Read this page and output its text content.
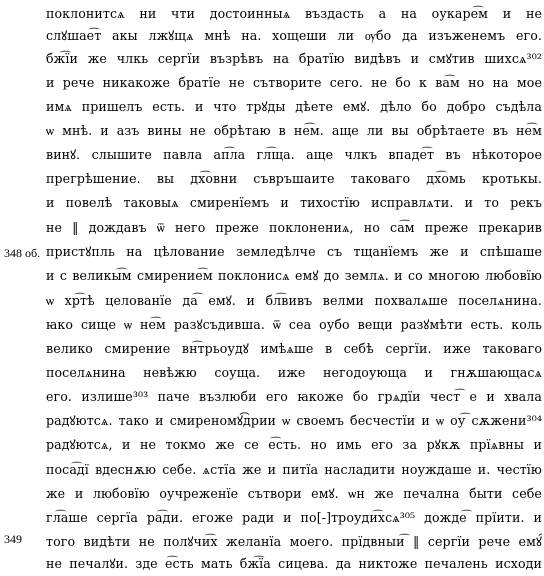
348 об.
349
поклонитсѧ ни чти достоинныѧ въздасть а на оукаре͡м и не
слꙋшае͡т акы лжꙋщѧ мнѣ на. хощеши ли ѹбо да изъженемъ его.
бж͡їи же члкь сергїи възрѣвъ на братїю видѣвъ и смꙋтив шихсѧ³⁰²
и рече никакоже братїе не сътворите сего. не бо к ва͡м но на мое
имѧ пришелъ есть. и что трꙋды дѣете емꙋ. дѣло бо добро съдѣла
ѡ мнѣ. и азъ вины не обрѣтаю в не͡м. аще ли вы обрѣтаете въ не͡м
винꙋ. слышите павла ап͡ла гл͡ща. аще члкъ впаде͡т въ нѣкоторое
прегрѣшение. вы дх͡овни съвръшаите таковаго дх͡омь кротькы.
и повелѣ таковыѧ смиренїемъ и тихостїю исправлѧти. и то рекъ
не ‖ дождавъ ѿ него преже поклонениѧ, но са͡м преже прекарив
пристꙋпль на цѣлование земледѣлче съ тщанїемъ же и спѣшаше
и с великы͡м смирение͡м поклонисѧ емꙋ до землѧ. и со многою любовїю
ѡ хр͡тѣ целованїе да͡ емꙋ. и бл͡вивъ велми похвалѧше поселѧнина.
ꙗко сище ѡ не͡м разꙋсъдивша. ѿ сеа оубо вещи разꙋмѣти есть. коль
велико смирение вн͡трьоудꙋ имѣѧше в себѣ сергїи. иже таковаго
поселѧнина невѣжю соуща. иже негодоующа и гнѫшающасѧ
его. излише³⁰³ паче възлюби его ꙗкоже бо грѧдїи чест͡ е и хвала
радꙋютсѧ. тако и смиреномꙋ͡дрии ѡ своемъ бесчестїи и ѡ оу͡ сѫжени³⁰⁴
радꙋютсѧ, и не токмо же се е͡сть. но имь его за рꙋкѫ прїѧвны и
поса͡дї вдеснѫю себе. ѧстїа же и питїа насладити ноуждаше и. честїю
же и любовїю оучреженїе сътвори емꙋ. ѡн же печална быти себе
гл͡аше сергїа ра͡ди. егоже ради и по[-]троуди͡хсѧ³⁰⁵ дожде͡ прїити. и
того видѣти не полꙋчи͡х желанїа моего. прїдвныи͡ ‖ сергїи рече емꙋ͡
не печалꙋи. зде е͡сть мать бж͡їа сицева. да никтоже печалень исходи
